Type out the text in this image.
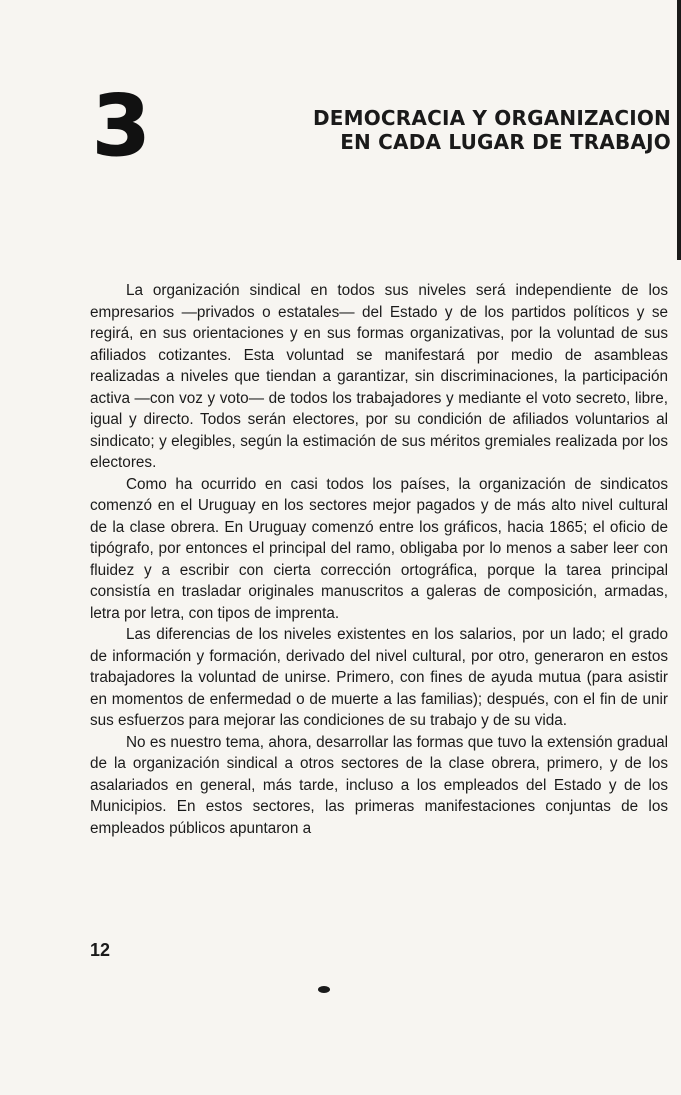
3	DEMOCRACIA Y ORGANIZACION
EN CADA LUGAR DE TRABAJO

La organización sindical en todos sus niveles será independiente de los empresarios —privados o estatales— del Estado y de los partidos políticos y se regirá, en sus orientaciones y en sus formas organizativas, por la voluntad de sus afiliados cotizantes. Esta voluntad se manifestará por medio de asambleas realizadas a niveles que tiendan a garantizar, sin discriminaciones, la participación activa —con voz y voto— de todos los trabajadores y mediante el voto secreto, libre, igual y directo. Todos serán electores, por su condición de afiliados voluntarios al sindicato; y elegibles, según la estimación de sus méritos gremiales realizada por los electores.

Como ha ocurrido en casi todos los países, la organización de sindicatos comenzó en el Uruguay en los sectores mejor pagados y de más alto nivel cultural de la clase obrera. En Uruguay comenzó entre los gráficos, hacia 1865; el oficio de tipógrafo, por entonces el principal del ramo, obligaba por lo menos a saber leer con fluidez y a escribir con cierta corrección ortográfica, porque la tarea principal consistía en trasladar originales manuscritos a galeras de composición, armadas, letra por letra, con tipos de imprenta.

Las diferencias de los niveles existentes en los salarios, por un lado; el grado de información y formación, derivado del nivel cultural, por otro, generaron en estos trabajadores la voluntad de unirse. Primero, con fines de ayuda mutua (para asistir en momentos de enfermedad o de muerte a las familias); después, con el fin de unir sus esfuerzos para mejorar las condiciones de su trabajo y de su vida.

No es nuestro tema, ahora, desarrollar las formas que tuvo la extensión gradual de la organización sindical a otros sectores de la clase obrera, primero, y de los asalariados en general, más tarde, incluso a los empleados del Estado y de los Municipios. En estos sectores, las primeras manifestaciones conjuntas de los empleados públicos apuntaron a

12
